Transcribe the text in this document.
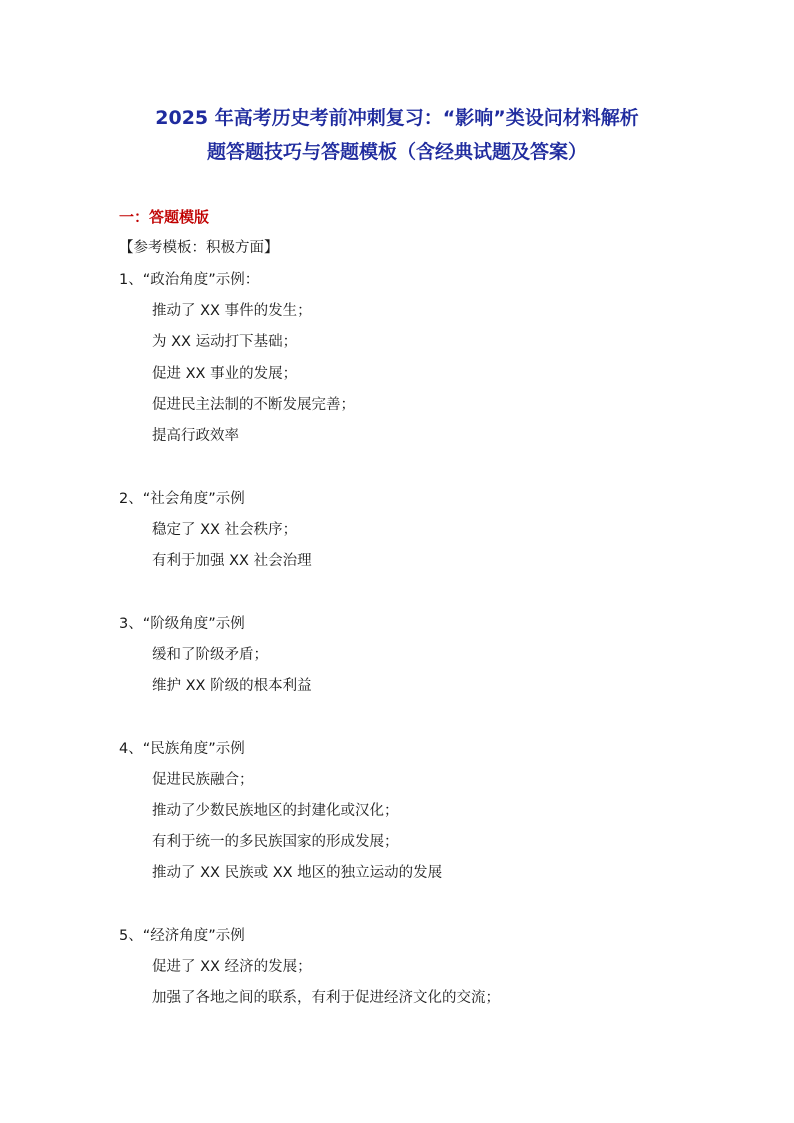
2025 年高考历史考前冲刺复习：“影响”类设问材料解析
题答题技巧与答题模板（含经典试题及答案）
一：答题模版
【参考模板：积极方面】
1、“政治角度”示例：
推动了 XX 事件的发生；
为 XX 运动打下基础；
促进 XX 事业的发展；
促进民主法制的不断发展完善；
提高行政效率
2、“社会角度”示例
稳定了 XX 社会秩序；
有利于加强 XX 社会治理
3、“阶级角度”示例
缓和了阶级矛盾；
维护 XX 阶级的根本利益
4、“民族角度”示例
促进民族融合；
推动了少数民族地区的封建化或汉化；
有利于统一的多民族国家的形成发展；
推动了 XX 民族或 XX 地区的独立运动的发展
5、“经济角度”示例
促进了 XX 经济的发展；
加强了各地之间的联系，有利于促进经济文化的交流；
